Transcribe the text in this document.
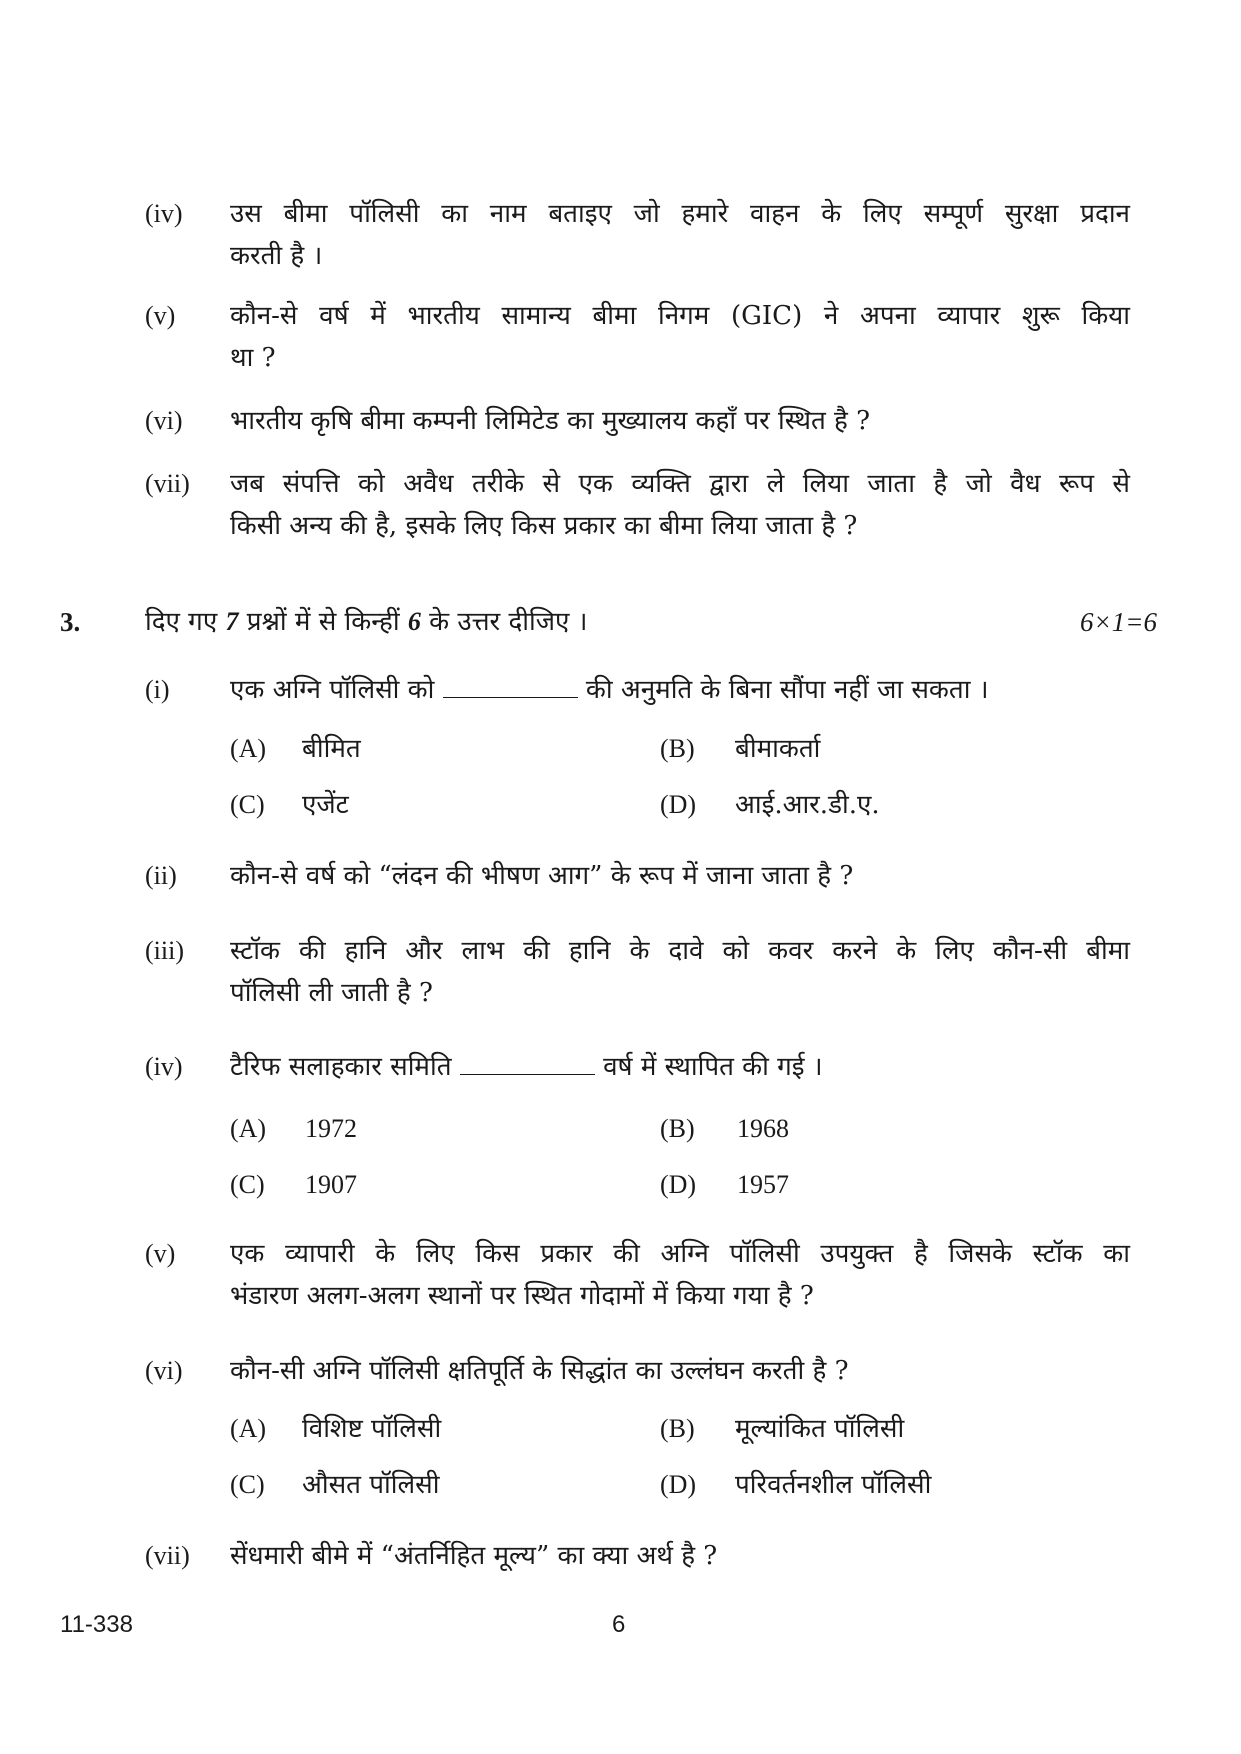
(iv) उस बीमा पॉलिसी का नाम बताइए जो हमारे वाहन के लिए सम्पूर्ण सुरक्षा प्रदान
करती है ।
(v) कौन-से वर्ष में भारतीय सामान्य बीमा निगम (GIC) ने अपना व्यापार शुरू किया
था ?
(vi) भारतीय कृषि बीमा कम्पनी लिमिटेड का मुख्यालय कहाँ पर स्थित है ?
(vii) जब संपत्ति को अवैध तरीके से एक व्यक्ति द्वारा ले लिया जाता है जो वैध रूप से
किसी अन्य की है, इसके लिए किस प्रकार का बीमा लिया जाता है ?
3. दिए गए 7 प्रश्नों में से किन्हीं 6 के उत्तर दीजिए ।	6×1=6
(i) एक अग्नि पॉलिसी को	की अनुमति के बिना सौंपा नहीं जा सकता ।
(A) बीमित	(B) बीमाकर्ता
(C) एजेंट	(D) आई.आर.डी.ए.
(ii) कौन-से वर्ष को “लंदन की भीषण आग” के रूप में जाना जाता है ?
(iii) स्टॉक की हानि और लाभ की हानि के दावे को कवर करने के लिए कौन-सी बीमा
पॉलिसी ली जाती है ?
(iv) टैरिफ सलाहकार समिति	वर्ष में स्थापित की गई ।
(A) 1972	(B) 1968
(C) 1907	(D) 1957
(v) एक व्यापारी के लिए किस प्रकार की अग्नि पॉलिसी उपयुक्त है जिसके स्टॉक का
भंडारण अलग-अलग स्थानों पर स्थित गोदामों में किया गया है ?
(vi) कौन-सी अग्नि पॉलिसी क्षतिपूर्ति के सिद्धांत का उल्लंघन करती है ?
(A) विशिष्ट पॉलिसी	(B) मूल्यांकित पॉलिसी
(C) औसत पॉलिसी	(D) परिवर्तनशील पॉलिसी
(vii) सेंधमारी बीमे में “अंतर्निहित मूल्य” का क्या अर्थ है ?
11-338	6
